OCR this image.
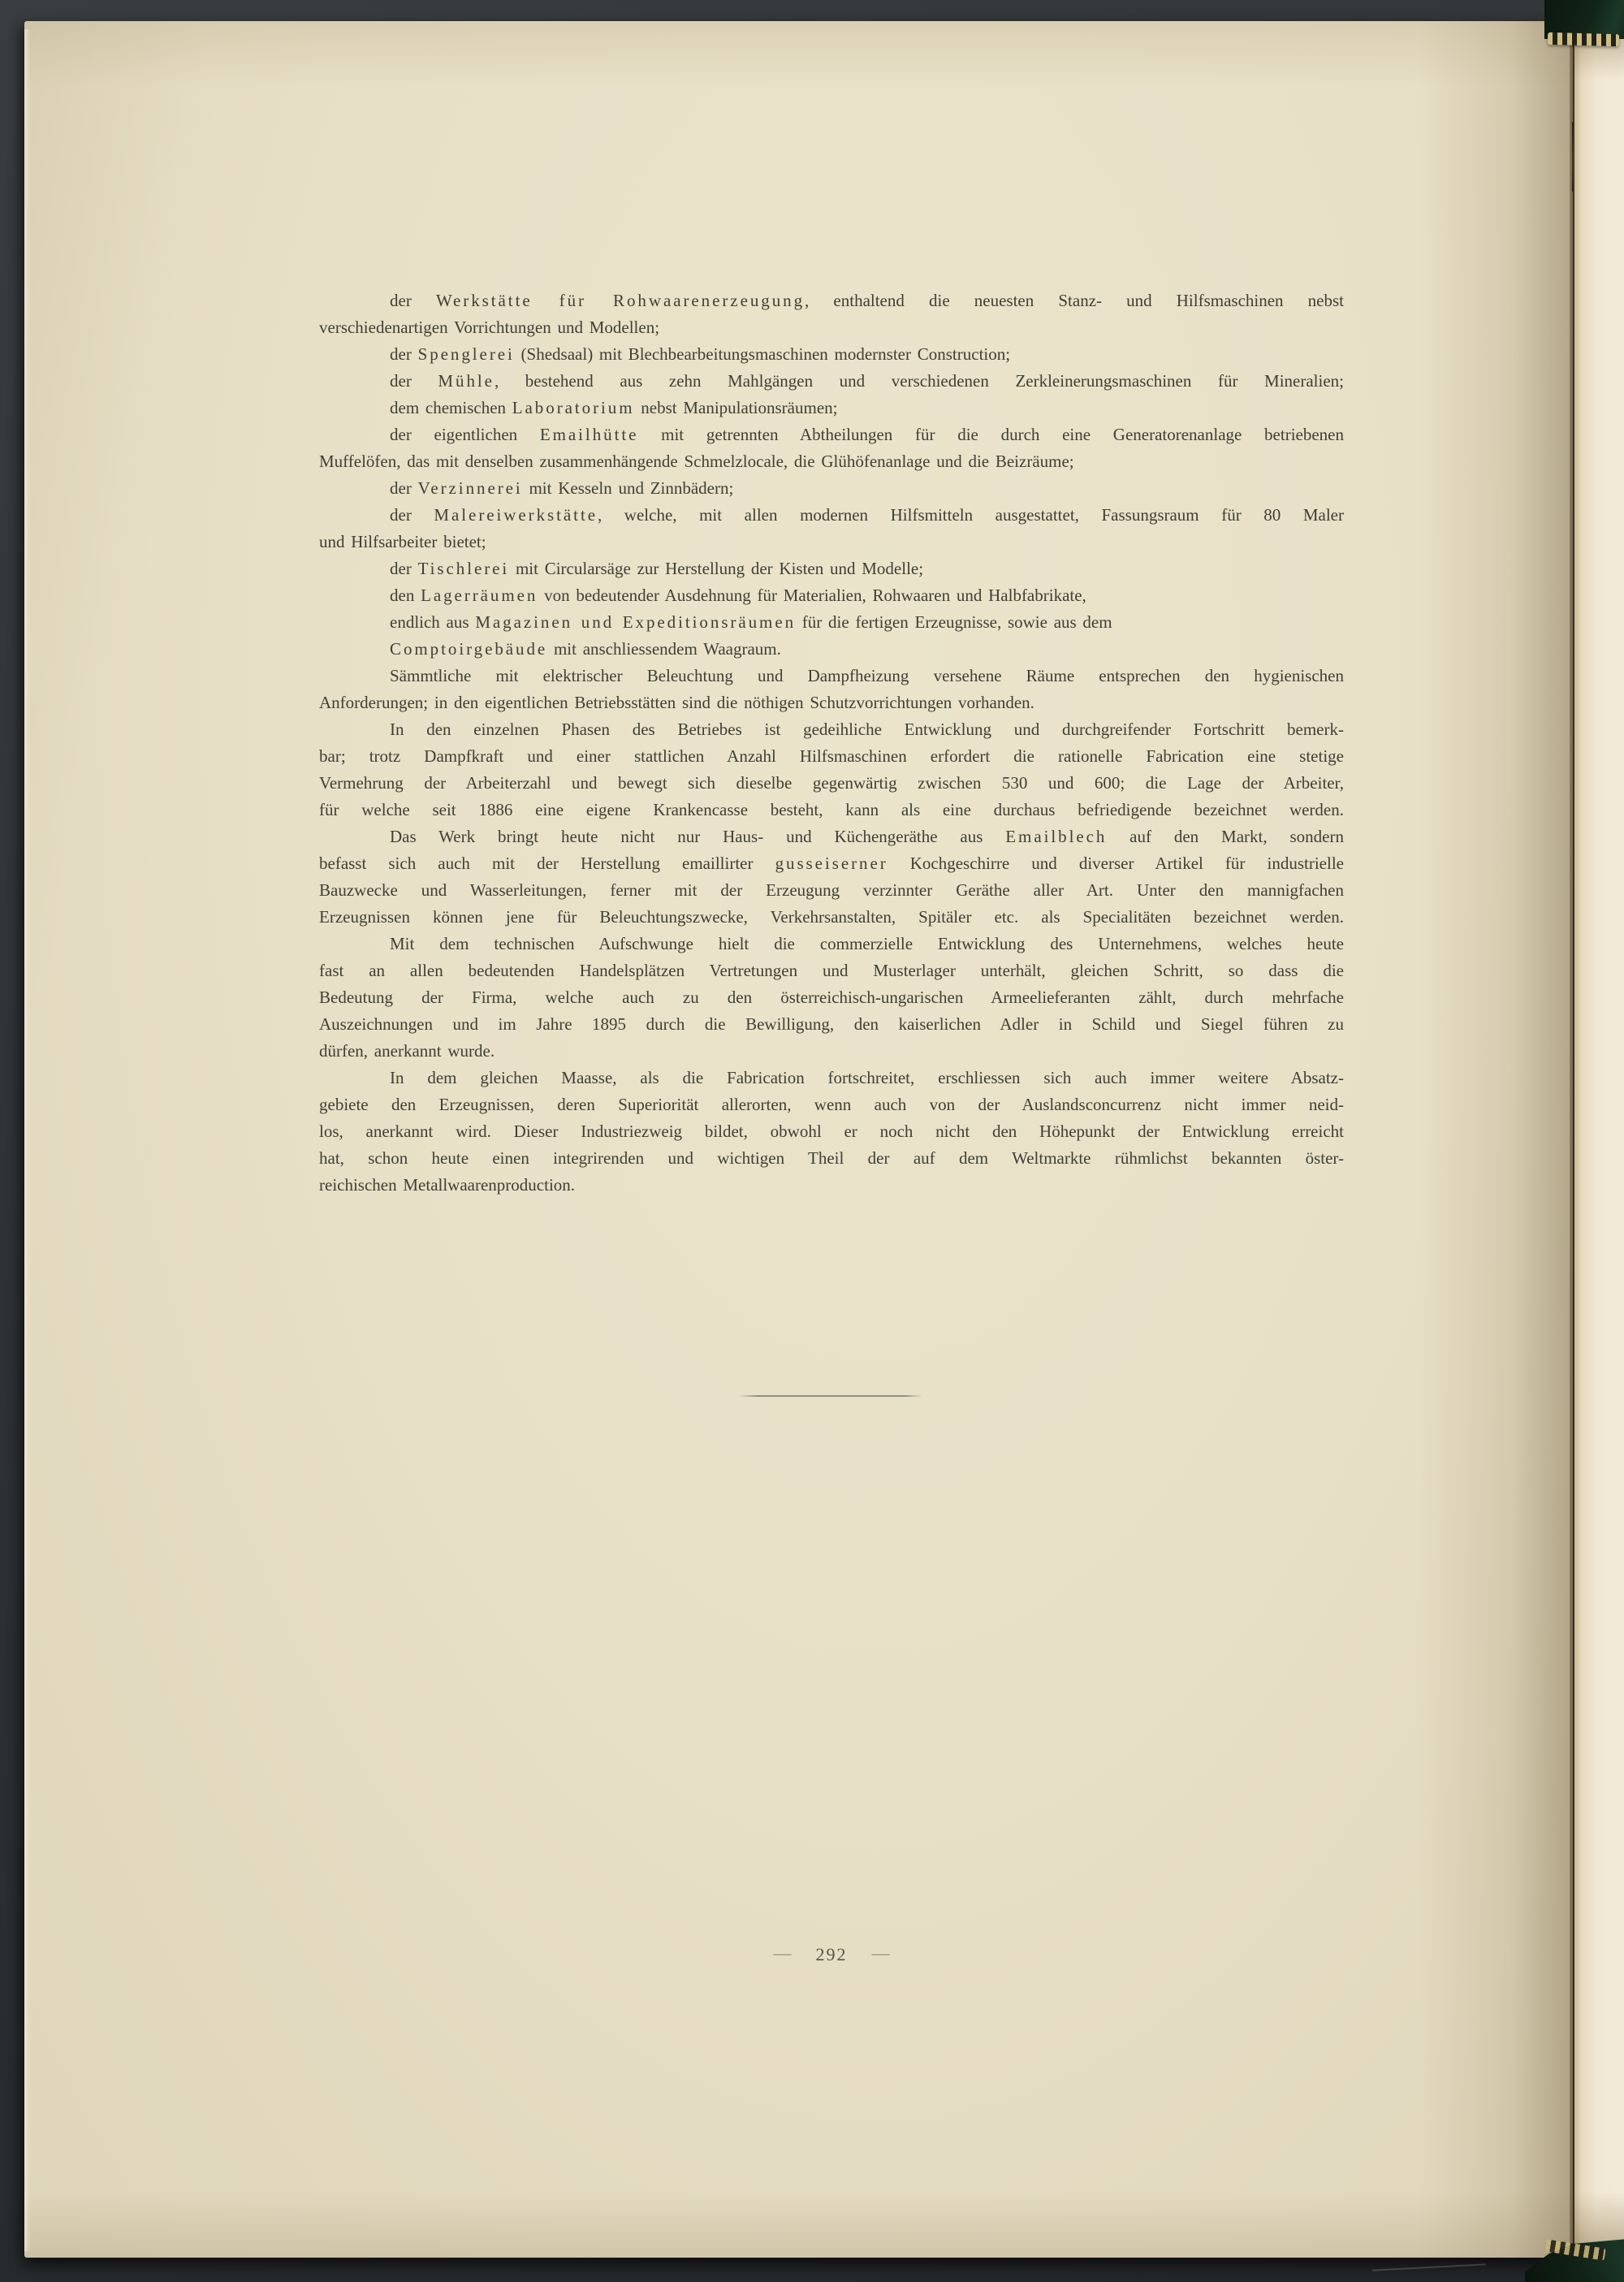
der Werkstätte für Rohwaarenerzeugung, enthaltend die neuesten Stanz- und Hilfsmaschinen nebst
verschiedenartigen Vorrichtungen und Modellen;
der Spenglerei (Shedsaal) mit Blechbearbeitungsmaschinen modernster Construction;
der Mühle, bestehend aus zehn Mahlgängen und verschiedenen Zerkleinerungsmaschinen für Mineralien;
dem chemischen Laboratorium nebst Manipulationsräumen;
der eigentlichen Emailhütte mit getrennten Abtheilungen für die durch eine Generatorenanlage betriebenen
Muffelöfen, das mit denselben zusammenhängende Schmelzlocale, die Glühöfenanlage und die Beizräume;
der Verzinnerei mit Kesseln und Zinnbädern;
der Malereiwerkstätte, welche, mit allen modernen Hilfsmitteln ausgestattet, Fassungsraum für 80 Maler
und Hilfsarbeiter bietet;
der Tischlerei mit Circularsäge zur Herstellung der Kisten und Modelle;
den Lagerräumen von bedeutender Ausdehnung für Materialien, Rohwaaren und Halbfabrikate,
endlich aus Magazinen und Expeditionsräumen für die fertigen Erzeugnisse, sowie aus dem
Comptoirgebäude mit anschliessendem Waagraum.
Sämmtliche mit elektrischer Beleuchtung und Dampfheizung versehene Räume entsprechen den hygienischen
Anforderungen; in den eigentlichen Betriebsstätten sind die nöthigen Schutzvorrichtungen vorhanden.
In den einzelnen Phasen des Betriebes ist gedeihliche Entwicklung und durchgreifender Fortschritt bemerk-
bar; trotz Dampfkraft und einer stattlichen Anzahl Hilfsmaschinen erfordert die rationelle Fabrication eine stetige
Vermehrung der Arbeiterzahl und bewegt sich dieselbe gegenwärtig zwischen 530 und 600; die Lage der Arbeiter,
für welche seit 1886 eine eigene Krankencasse besteht, kann als eine durchaus befriedigende bezeichnet werden.
Das Werk bringt heute nicht nur Haus- und Küchengeräthe aus Emailblech auf den Markt, sondern
befasst sich auch mit der Herstellung emaillirter gusseiserner Kochgeschirre und diverser Artikel für industrielle
Bauzwecke und Wasserleitungen, ferner mit der Erzeugung verzinnter Geräthe aller Art. Unter den mannigfachen
Erzeugnissen können jene für Beleuchtungszwecke, Verkehrsanstalten, Spitäler etc. als Specialitäten bezeichnet werden.
Mit dem technischen Aufschwunge hielt die commerzielle Entwicklung des Unternehmens, welches heute
fast an allen bedeutenden Handelsplätzen Vertretungen und Musterlager unterhält, gleichen Schritt, so dass die
Bedeutung der Firma, welche auch zu den österreichisch-ungarischen Armeelieferanten zählt, durch mehrfache
Auszeichnungen und im Jahre 1895 durch die Bewilligung, den kaiserlichen Adler in Schild und Siegel führen zu
dürfen, anerkannt wurde.
In dem gleichen Maasse, als die Fabrication fortschreitet, erschliessen sich auch immer weitere Absatz-
gebiete den Erzeugnissen, deren Superiorität allerorten, wenn auch von der Auslandsconcurrenz nicht immer neid-
los, anerkannt wird. Dieser Industriezweig bildet, obwohl er noch nicht den Höhepunkt der Entwicklung erreicht
hat, schon heute einen integrirenden und wichtigen Theil der auf dem Weltmarkte rühmlichst bekannten öster-
reichischen Metallwaarenproduction.
— 292 —
